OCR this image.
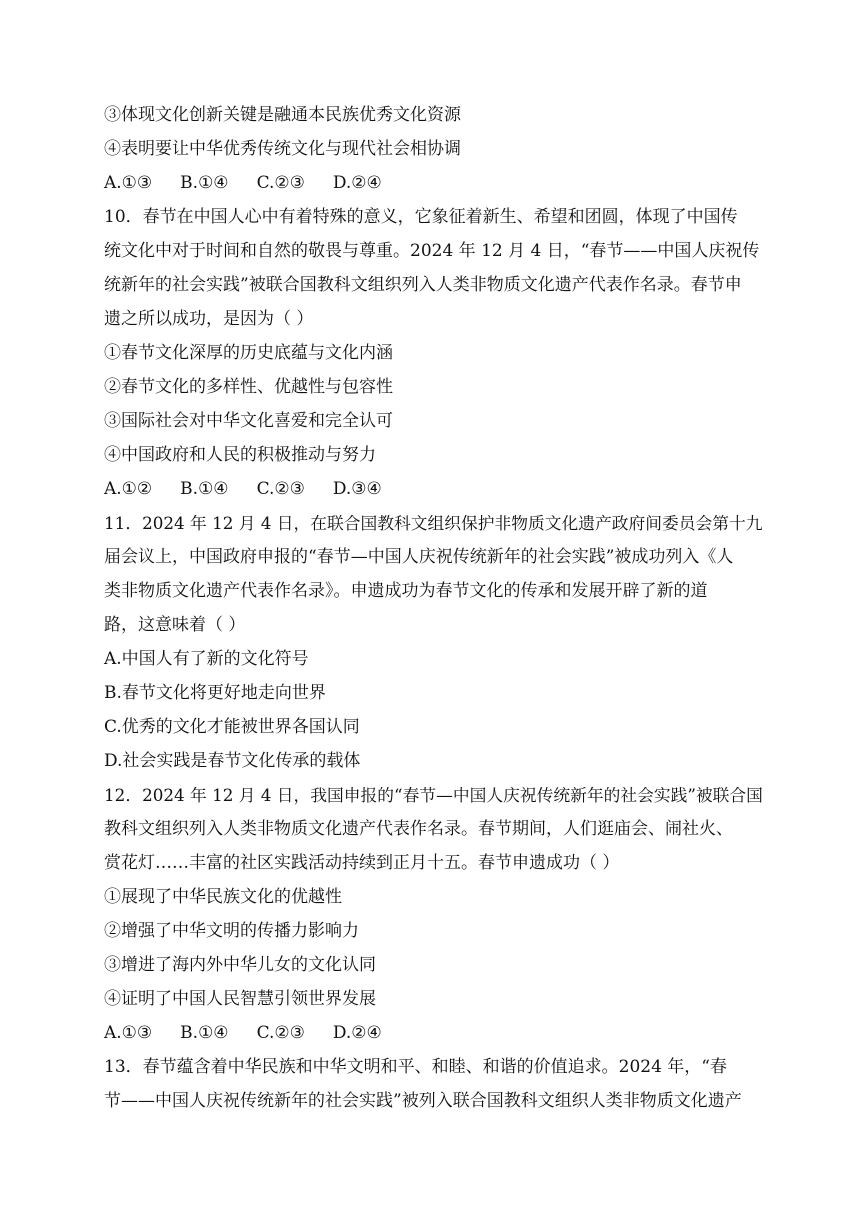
③体现文化创新关键是融通本民族优秀文化资源
④表明要让中华优秀传统文化与现代社会相协调
A.①③ B.①④ C.②③ D.②④
10．春节在中国人心中有着特殊的意义，它象征着新生、希望和团圆，体现了中国传
统文化中对于时间和自然的敬畏与尊重。2024 年 12 月 4 日，“春节——中国人庆祝传
统新年的社会实践”被联合国教科文组织列入人类非物质文化遗产代表作名录。春节申
遗之所以成功，是因为（ ）
①春节文化深厚的历史底蕴与文化内涵
②春节文化的多样性、优越性与包容性
③国际社会对中华文化喜爱和完全认可
④中国政府和人民的积极推动与努力
A.①② B.①④ C.②③ D.③④
11．2024 年 12 月 4 日，在联合国教科文组织保护非物质文化遗产政府间委员会第十九
届会议上，中国政府申报的“春节—中国人庆祝传统新年的社会实践”被成功列入《人
类非物质文化遗产代表作名录》。申遗成功为春节文化的传承和发展开辟了新的道
路，这意味着（ ）
A.中国人有了新的文化符号
B.春节文化将更好地走向世界
C.优秀的文化才能被世界各国认同
D.社会实践是春节文化传承的载体
12．2024 年 12 月 4 日，我国申报的“春节—中国人庆祝传统新年的社会实践”被联合国
教科文组织列入人类非物质文化遗产代表作名录。春节期间，人们逛庙会、闹社火、
赏花灯……丰富的社区实践活动持续到正月十五。春节申遗成功（ ）
①展现了中华民族文化的优越性
②增强了中华文明的传播力影响力
③增进了海内外中华儿女的文化认同
④证明了中国人民智慧引领世界发展
A.①③ B.①④ C.②③ D.②④
13．春节蕴含着中华民族和中华文明和平、和睦、和谐的价值追求。2024 年，“春
节——中国人庆祝传统新年的社会实践”被列入联合国教科文组织人类非物质文化遗产
